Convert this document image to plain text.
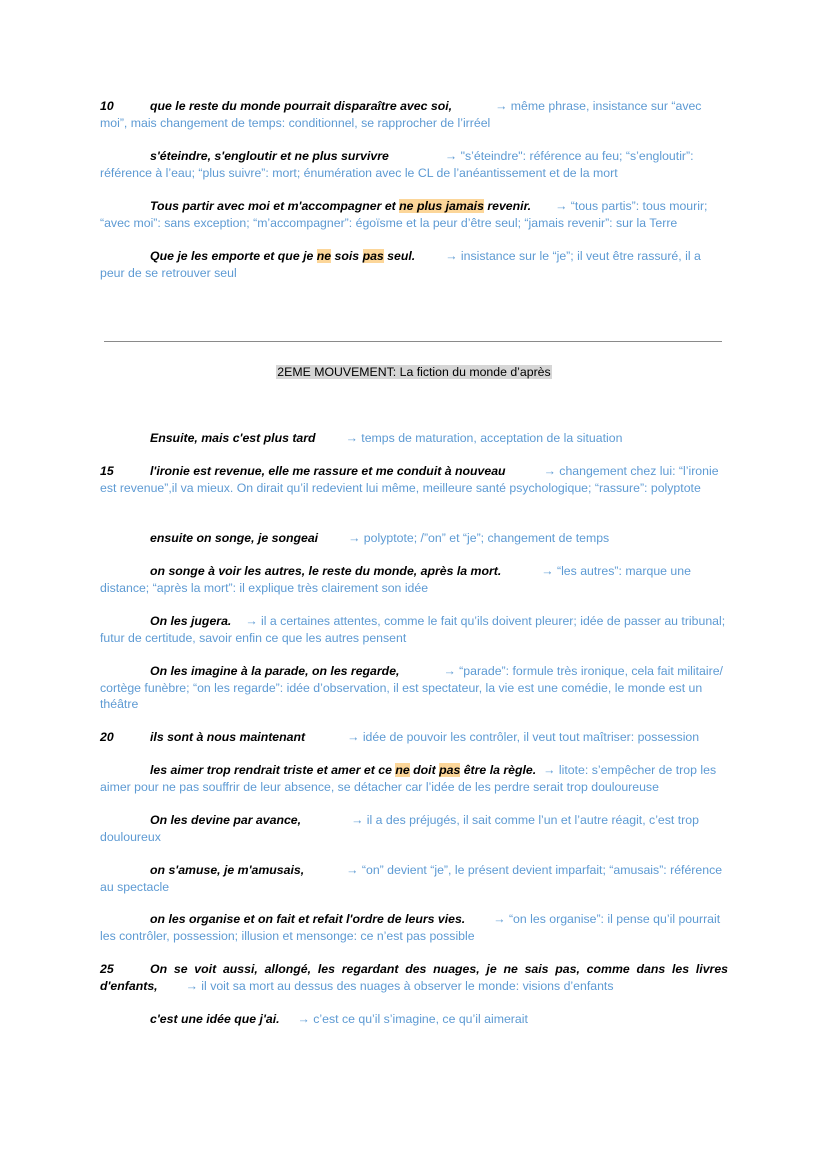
10	que le reste du monde pourrait disparaître avec soi,	→ même phrase, insistance sur “avec moi”, mais changement de temps: conditionnel, se rapprocher de l’irréel

s'éteindre, s'engloutir et ne plus survivre	→ "s’éteindre": référence au feu; “s’engloutir”: référence à l’eau; “plus suivre”: mort; énumération avec le CL de l’anéantissement et de la mort

Tous partir avec moi et m'accompagner et ne plus jamais revenir. → “tous partis”: tous mourir; “avec moi”: sans exception; “m’accompagner”: égoïsme et la peur d’être seul; “jamais revenir”: sur la Terre

Que je les emporte et que je ne sois pas seul. → insistance sur le “je”; il veut être rassuré, il a peur de se retrouver seul

2EME MOUVEMENT: La fiction du monde d’après

Ensuite, mais c'est plus tard → temps de maturation, acceptation de la situation

15	l'ironie est revenue, elle me rassure et me conduit à nouveau	→ changement chez lui: “l’ironie est revenue”,il va mieux. On dirait qu’il redevient lui même, meilleure santé psychologique; “rassure”: polyptote

ensuite on songe, je songeai → polyptote; /”on” et “je”; changement de temps

on songe à voir les autres, le reste du monde, après la mort.	→ “les autres”: marque une distance; “après la mort”: il explique très clairement son idée

On les jugera. → il a certaines attentes, comme le fait qu’ils doivent pleurer; idée de passer au tribunal; futur de certitude, savoir enfin ce que les autres pensent

On les imagine à la parade, on les regarde,	→ “parade”: formule très ironique, cela fait militaire/ cortège funèbre; “on les regarde”: idée d’observation, il est spectateur, la vie est une comédie, le monde est un théâtre

20	ils sont à nous maintenant	→ idée de pouvoir les contrôler, il veut tout maîtriser: possession

les aimer trop rendrait triste et amer et ce ne doit pas être la règle. → litote: s’empêcher de trop les aimer pour ne pas souffrir de leur absence, se détacher car l’idée de les perdre serait trop douloureuse

On les devine par avance,	→ il a des préjugés, il sait comme l’un et l’autre réagit, c’est trop douloureux

on s'amuse, je m'amusais,	→ “on” devient “je”, le présent devient imparfait; “amusais”: référence au spectacle

on les organise et on fait et refait l'ordre de leurs vies. → “on les organise”: il pense qu’il pourrait les contrôler, possession; illusion et mensonge: ce n’est pas possible

25	On se voit aussi, allongé, les regardant des nuages, je ne sais pas, comme dans les livres d'enfants, → il voit sa mort au dessus des nuages à observer le monde: visions d’enfants

c'est une idée que j'ai. → c’est ce qu’il s’imagine, ce qu’il aimerait
